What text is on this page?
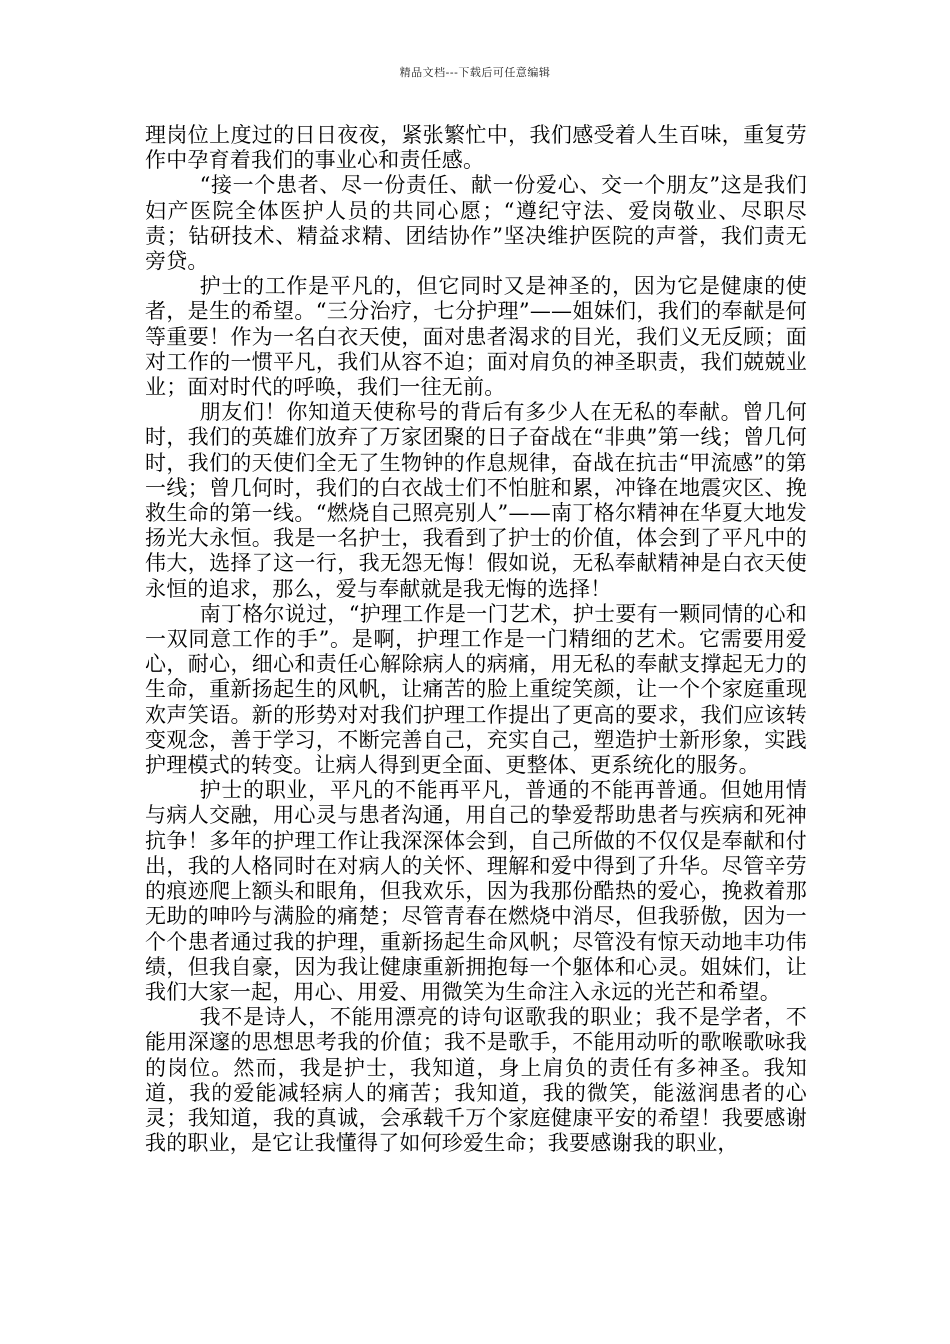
精品文档---下载后可任意编辑

理岗位上度过的日日夜夜，紧张繁忙中，我们感受着人生百味，重复劳作中孕育着我们的事业心和责任感。

“接一个患者、尽一份责任、献一份爱心、交一个朋友”这是我们妇产医院全体医护人员的共同心愿；“遵纪守法、爱岗敬业、尽职尽责；钻研技术、精益求精、团结协作”坚决维护医院的声誉，我们责无旁贷。

护士的工作是平凡的，但它同时又是神圣的，因为它是健康的使者，是生的希望。“三分治疗，七分护理”——姐妹们，我们的奉献是何等重要！作为一名白衣天使，面对患者渴求的目光，我们义无反顾；面对工作的一惯平凡，我们从容不迫；面对肩负的神圣职责，我们兢兢业业；面对时代的呼唤，我们一往无前。

朋友们！你知道天使称号的背后有多少人在无私的奉献。曾几何时，我们的英雄们放弃了万家团聚的日子奋战在“非典”第一线；曾几何时，我们的天使们全无了生物钟的作息规律，奋战在抗击“甲流感”的第一线；曾几何时，我们的白衣战士们不怕脏和累，冲锋在地震灾区、挽救生命的第一线。“燃烧自己照亮别人”——南丁格尔精神在华夏大地发扬光大永恒。我是一名护士，我看到了护士的价值，体会到了平凡中的伟大，选择了这一行，我无怨无悔！假如说，无私奉献精神是白衣天使永恒的追求，那么，爱与奉献就是我无悔的选择！

南丁格尔说过，“护理工作是一门艺术，护士要有一颗同情的心和一双同意工作的手”。是啊，护理工作是一门精细的艺术。它需要用爱心，耐心，细心和责任心解除病人的病痛，用无私的奉献支撑起无力的生命，重新扬起生的风帆，让痛苦的脸上重绽笑颜，让一个个家庭重现欢声笑语。新的形势对对我们护理工作提出了更高的要求，我们应该转变观念，善于学习，不断完善自己，充实自己，塑造护士新形象，实践护理模式的转变。让病人得到更全面、更整体、更系统化的服务。

护士的职业，平凡的不能再平凡，普通的不能再普通。但她用情与病人交融，用心灵与患者沟通，用自己的挚爱帮助患者与疾病和死神抗争！多年的护理工作让我深深体会到，自己所做的不仅仅是奉献和付出，我的人格同时在对病人的关怀、理解和爱中得到了升华。尽管辛劳的痕迹爬上额头和眼角，但我欢乐，因为我那份酷热的爱心，挽救着那无助的呻吟与满脸的痛楚；尽管青春在燃烧中消尽，但我骄傲，因为一个个患者通过我的护理，重新扬起生命风帆；尽管没有惊天动地丰功伟绩，但我自豪，因为我让健康重新拥抱每一个躯体和心灵。姐妹们，让我们大家一起，用心、用爱、用微笑为生命注入永远的光芒和希望。

我不是诗人，不能用漂亮的诗句讴歌我的职业；我不是学者，不能用深邃的思想思考我的价值；我不是歌手，不能用动听的歌喉歌咏我的岗位。然而，我是护士，我知道，身上肩负的责任有多神圣。我知道，我的爱能减轻病人的痛苦；我知道，我的微笑，能滋润患者的心灵；我知道，我的真诚，会承载千万个家庭健康平安的希望！我要感谢我的职业，是它让我懂得了如何珍爱生命；我要感谢我的职业，
